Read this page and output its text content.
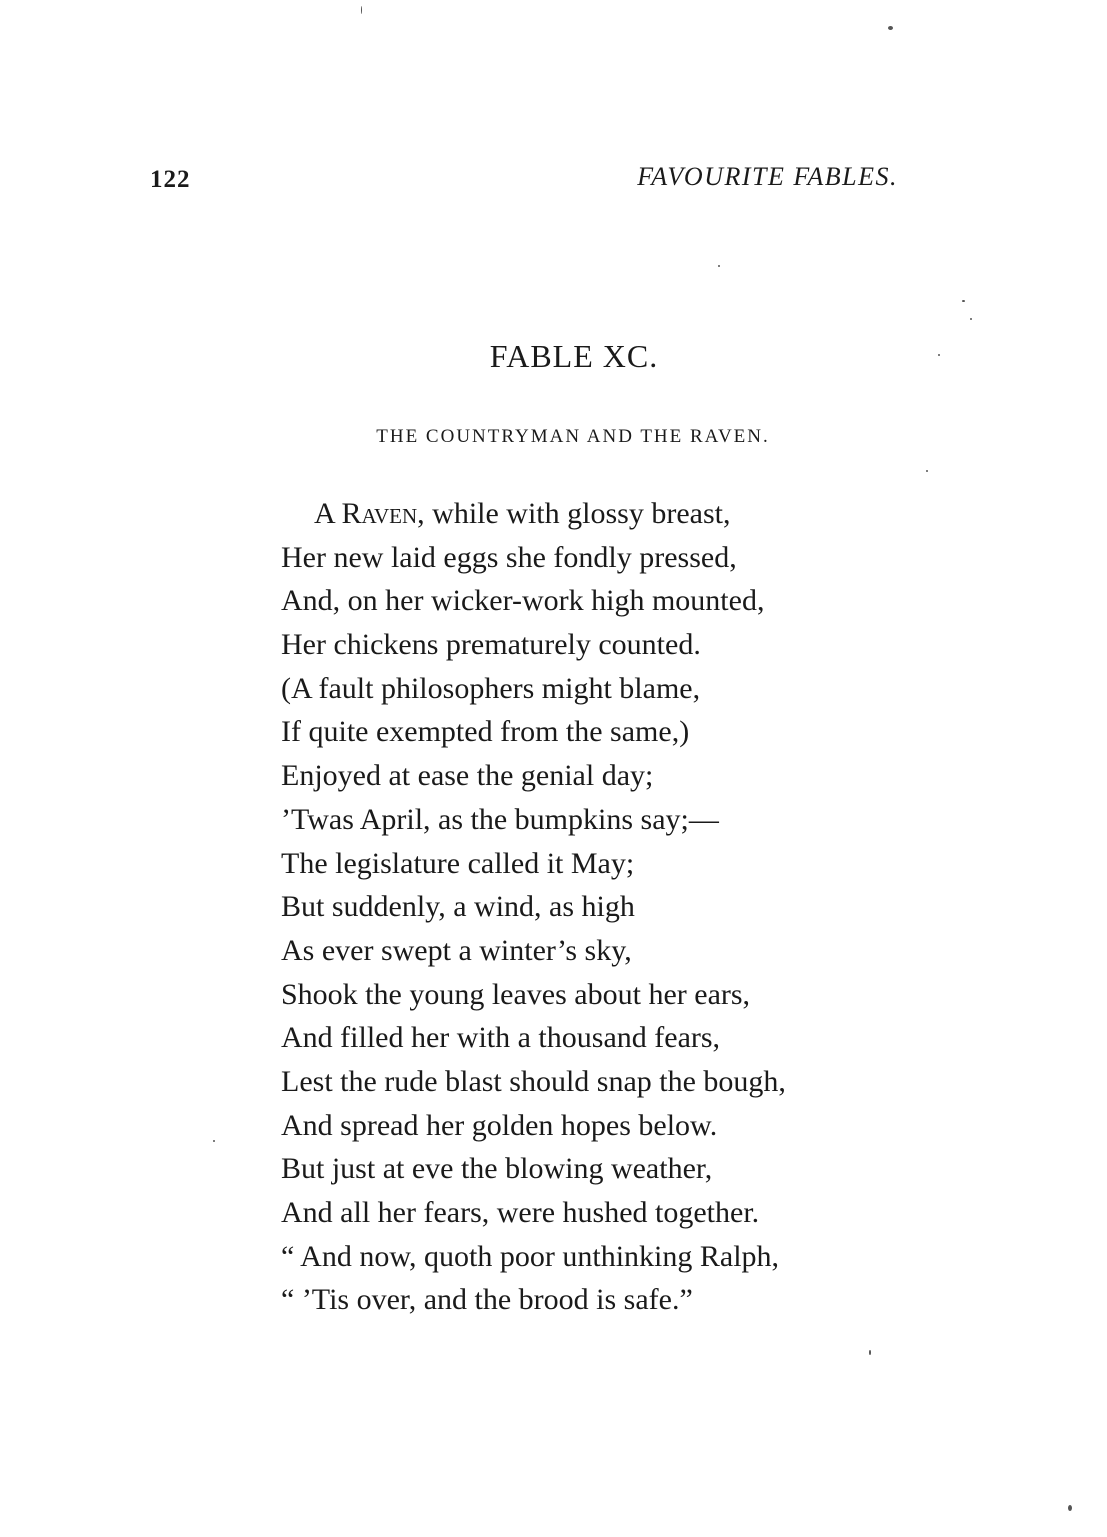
122	FAVOURITE FABLES.
FABLE XC.
THE COUNTRYMAN AND THE RAVEN.
A Raven, while with glossy breast,
Her new laid eggs she fondly pressed,
And, on her wicker-work high mounted,
Her chickens prematurely counted.
(A fault philosophers might blame,
If quite exempted from the same,)
Enjoyed at ease the genial day;
’Twas April, as the bumpkins say;—
The legislature called it May;
But suddenly, a wind, as high
As ever swept a winter’s sky,
Shook the young leaves about her ears,
And filled her with a thousand fears,
Lest the rude blast should snap the bough,
And spread her golden hopes below.
But just at eve the blowing weather,
And all her fears, were hushed together.
“ And now, quoth poor unthinking Ralph,
“ ’Tis over, and the brood is safe.”
